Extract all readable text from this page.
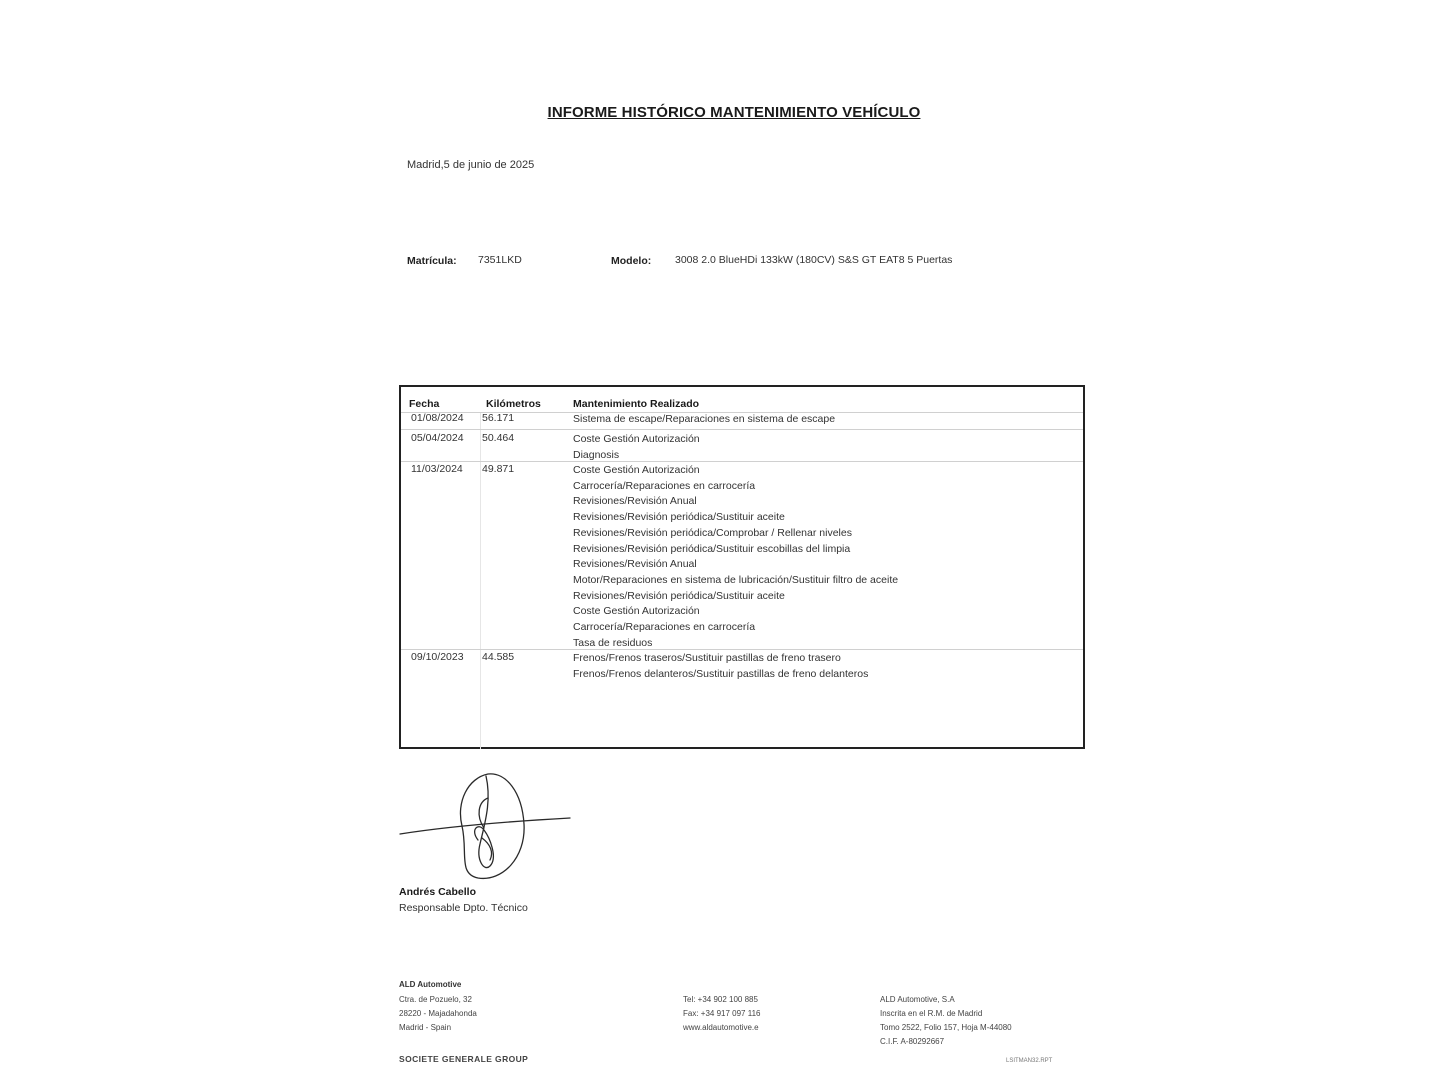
INFORME HISTÓRICO MANTENIMIENTO VEHÍCULO
Madrid,5 de junio de 2025
Matrícula: 7351LKD	Modelo: 3008 2.0 BlueHDi 133kW (180CV) S&S GT EAT8 5 Puertas
Fecha	Kilómetros	Mantenimiento Realizado
01/08/2024 56.171	Sistema de escape/Reparaciones en sistema de escape
05/04/2024 50.464	Coste Gestión Autorización
Diagnosis
11/03/2024 49.871	Coste Gestión Autorización
Carrocería/Reparaciones en carrocería
Revisiones/Revisión Anual
Revisiones/Revisión periódica/Sustituir aceite
Revisiones/Revisión periódica/Comprobar / Rellenar niveles
Revisiones/Revisión periódica/Sustituir escobillas del limpia
Revisiones/Revisión Anual
Motor/Reparaciones en sistema de lubricación/Sustituir filtro de aceite
Revisiones/Revisión periódica/Sustituir aceite
Coste Gestión Autorización
Carrocería/Reparaciones en carrocería
Tasa de residuos
09/10/2023 44.585	Frenos/Frenos traseros/Sustituir pastillas de freno trasero
Frenos/Frenos delanteros/Sustituir pastillas de freno delanteros
Andrés Cabello
Responsable Dpto. Técnico
ALD Automotive
Ctra. de Pozuelo, 32
28220 - Majadahonda
Madrid - Spain
Tel: +34 902 100 885
Fax: +34 917 097 116
www.aldautomotive.e
ALD Automotive, S.A
Inscrita en el R.M. de Madrid
Tomo 2522, Folio 157, Hoja M-44080
C.I.F. A-80292667
SOCIETE GENERALE GROUP	LSITMAN32.RPT
